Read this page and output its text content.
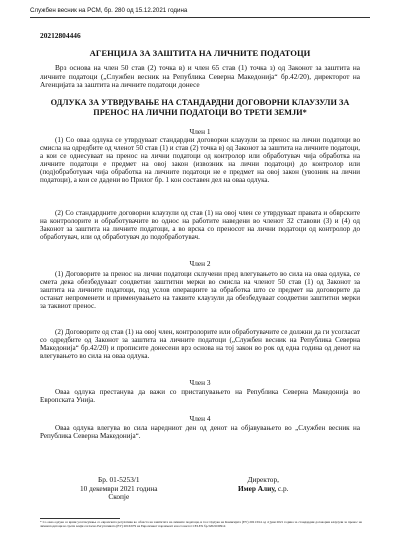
Службен весник на РСМ, бр. 280 од 15.12.2021 година
20212804446
АГЕНЦИЈА ЗА ЗАШТИТА НА ЛИЧНИТЕ ПОДАТОЦИ
Врз основа на член 50 став (2) точка в) и член 65 став (1) точка з) од Законот за заштита на личните податоци („Службен весник на Република Северна Македонија“ бр.42/20), директорот на Агенцијата за заштита на личните податоци донесе
ОДЛУКА ЗА УТВРДУВАЊЕ НА СТАНДАРДНИ ДОГОВОРНИ КЛАУЗУЛИ ЗА ПРЕНОС НА ЛИЧНИ ПОДАТОЦИ ВО ТРЕТИ ЗЕМЈИ*
Член 1
(1) Со оваа одлука се утврдуваат стандардни договорни клаузули за пренос на лични податоци во смисла на одредбите од членот 50 став (1) и став (2) точка в) од Законот за заштита на личните податоци, а кои се однесуваат на пренос на лични податоци од контролор или обработувач чија обработка на личните податоци е предмет на овој закон (извозник на лични податоци) до контролор или (под)обработувач чија обработка на личните податоци не е предмет на овој закон (увозник на лични податоци), а кои се дадени во Прилог бр. 1 кон составен дел на оваа одлука.
(2) Со стандардните договорни клаузули од став (1) на овој член се утврдуваат правата и обврските на контролорите и обработувачите во однос на работите наведени во членот 32 ставови (3) и (4) од Законот за заштита на личните податоци, а во врска со преносот на лични податоци од контролор до обработувач, или од обработувач до подобработувач.
Член 2
(1) Договорите за пренос на лични податоци склучени пред влегувањето во сила на оваа одлука, се смета дека обезбедуваат соодветни заштитни мерки во смисла на членот 50 став (1) од Законот за заштита на личните податоци, под услов операциите за обработка што се предмет на договорите да останат непроменети и применувањето на таквите клаузули да обезбедуваат соодветни заштитни мерки за таквиот пренос.
(2) Договорите од став (1) на овој член, контролорите или обработувачите се должни да ги усогласат со одредбите од Законот за заштита на личните податоци („Службен весник на Република Северна Македонија“ бр.42/20) и прописите донесени врз основа на тој закон во рок од една година од денот на влегувањето во сила на оваа одлука.
Член 3
Оваа одлука престанува да важи со пристапувањето на Република Северна Македонија во Европската Унија.
Член 4
Оваа одлука влегува во сила наредниот ден од денот на објавувањето во „Службен весник на Република Северна Македонија“.
Бр. 01-5253/1
10 декември 2021 година
Скопје
Директор,
Имер Алиу, с.р.
* Со оваа одлука се врши усогласување со европската регулатива во областа на заштитата на личните податоци, и тоа: Одлука на Комисијата (ЕУ) 2021/914 од 4 јуни 2021 година за стандардни договорни клаузули за пренос на лични податоци во трети земји согласно Регулативата (ЕУ) 2016/679 на Европскиот парламент и на Советот CELEX бр.32021D0914
